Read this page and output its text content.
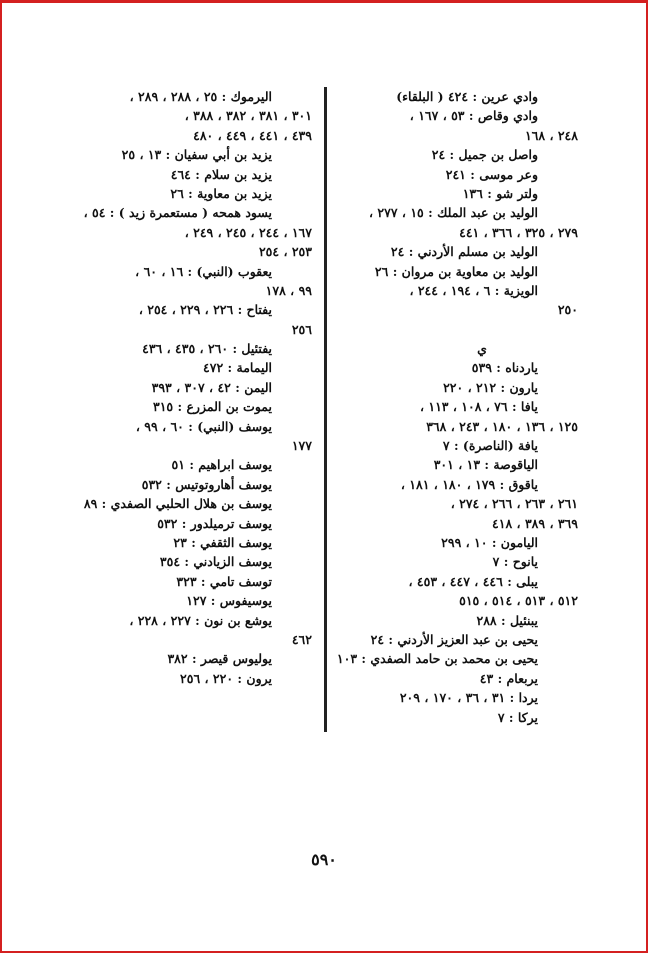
وادي عرين : ٤٢٤ ( البلقاء)
وادي وقاص : ٥٣ ، ١٦٧ ،
٢٤٨ ، ١٦٨
واصل بن جميل : ٢٤
وعر موسى : ٢٤١
ولتر شو : ١٣٦
الوليد بن عبد الملك : ١٥ ، ٢٧٧ ،
٢٧٩ ، ٣٢٥ ، ٣٦٦ ، ٤٤١
الوليد بن مسلم الأردني : ٢٤
الوليد بن معاوية بن مروان : ٢٦
الويزية : ٦ ، ١٩٤ ، ٢٤٤ ،
٢٥٠
ي
ياردناه : ٥٣٩
يارون : ٢١٢ ، ٢٢٠
يافا : ٧٦ ، ١٠٨ ، ١١٣ ،
١٢٥ ، ١٣٦ ، ١٨٠ ، ٢٤٣ ، ٣٦٨
يافة (الناصرة) : ٧
الياقوصة : ١٣ ، ٣٠١
ياقوق : ١٧٩ ، ١٨٠ ، ١٨١ ،
٢٦١ ، ٢٦٣ ، ٢٦٦ ، ٢٧٤ ،
٣٦٩ ، ٣٨٩ ، ٤١٨
اليامون : ١٠ ، ٢٩٩
يانوح : ٧
يبلى : ٤٤٦ ، ٤٤٧ ، ٤٥٣ ،
٥١٢ ، ٥١٣ ، ٥١٤ ، ٥١٥
يبنئيل : ٢٨٨
يحيى بن عبد العزيز الأردني : ٢٤
يحيى بن محمد بن حامد الصفدي : ١٠٣
يربعام : ٤٣
يردا : ٣١ ، ٣٦ ، ١٧٠ ، ٢٠٩
يركا : ٧
اليرموك : ٢٥ ، ٢٨٨ ، ٢٨٩ ،
٣٠١ ، ٣٨١ ، ٣٨٢ ، ٣٨٨ ،
٤٣٩ ، ٤٤١ ، ٤٤٩ ، ٤٨٠
يزيد بن أبي سفيان : ١٣ ، ٢٥
يزيد بن سلام : ٤٦٤
يزيد بن معاوية : ٢٦
يسود همحه ( مستعمرة زيد ) : ٥٤ ،
١٦٧ ، ٢٤٤ ، ٢٤٥ ، ٢٤٩ ،
٢٥٣ ، ٢٥٤
يعقوب (النبي) : ١٦ ، ٦٠ ،
٩٩ ، ١٧٨
يفتاح : ٢٢٦ ، ٢٢٩ ، ٢٥٤ ،
٢٥٦
يفتئيل : ٢٦٠ ، ٤٣٥ ، ٤٣٦
اليمامة : ٤٧٢
اليمن : ٤٢ ، ٣٠٧ ، ٣٩٣
يموت بن المزرع : ٣١٥
يوسف (النبي) : ٦٠ ، ٩٩ ،
١٧٧
يوسف ابراهيم : ٥١
يوسف أهاروتوتيس : ٥٣٢
يوسف بن هلال الحلبي الصفدي : ٨٩
يوسف ترميلدور : ٥٣٢
يوسف الثقفي : ٢٣
يوسف الزيادني : ٣٥٤
توسف تامي : ٣٢٣
يوسيفوس : ١٢٧
يوشع بن نون : ٢٢٧ ، ٢٢٨ ،
٤٦٢
يوليوس قيصر : ٣٨٢
يرون : ٢٢٠ ، ٢٥٦
٥٩٠
